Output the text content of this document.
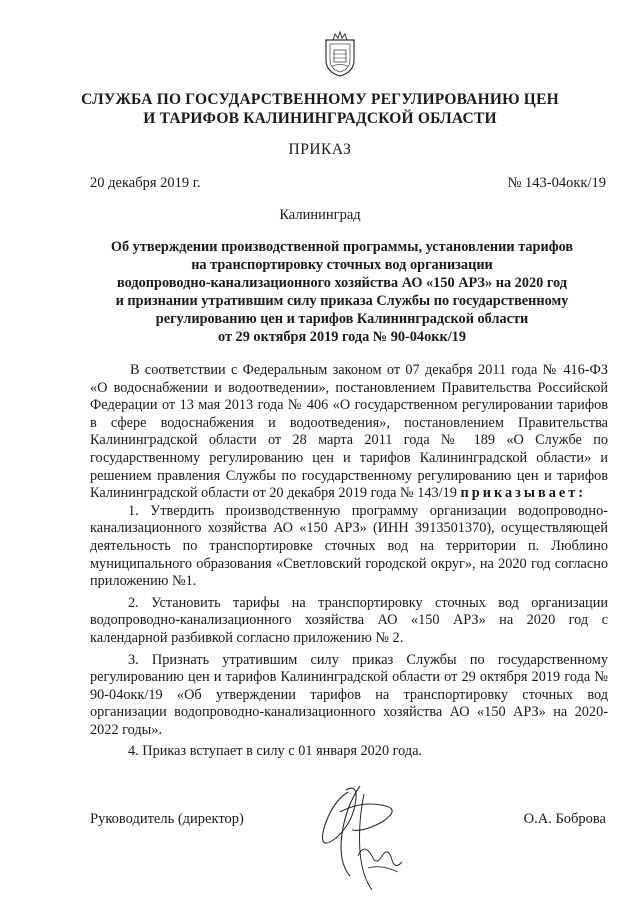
СЛУЖБА ПО ГОСУДАРСТВЕННОМУ РЕГУЛИРОВАНИЮ ЦЕН
И ТАРИФОВ КАЛИНИНГРАДСКОЙ ОБЛАСТИ
ПРИКАЗ
20 декабря 2019 г.	№ 143-04окк/19
Калининград
Об утверждении производственной программы, установлении тарифов
на транспортировку сточных вод организации
водопроводно-канализационного хозяйства АО «150 АРЗ» на 2020 год
и признании утратившим силу приказа Службы по государственному
регулированию цен и тарифов Калининградской области
от 29 октября 2019 года № 90-04окк/19

В соответствии с Федеральным законом от 07 декабря 2011 года № 416-ФЗ «О водоснабжении и водоотведении», постановлением Правительства Российской Федерации от 13 мая 2013 года № 406 «О государственном регулировании тарифов в сфере водоснабжения и водоотведения», постановлением Правительства Калининградской области от 28 марта 2011 года № 189 «О Службе по государственному регулированию цен и тарифов Калининградской области» и решением правления Службы по государственному регулированию цен и тарифов Калининградской области от 20 декабря 2019 года № 143/19 приказывает:

1. Утвердить производственную программу организации водопроводно-канализационного хозяйства АО «150 АРЗ» (ИНН 3913501370), осуществляющей деятельность по транспортировке сточных вод на территории п. Люблино муниципального образования «Светловский городской округ», на 2020 год согласно приложению №1.

2. Установить тарифы на транспортировку сточных вод организации водопроводно-канализационного хозяйства АО «150 АРЗ» на 2020 год с календарной разбивкой согласно приложению № 2.

3. Признать утратившим силу приказ Службы по государственному регулированию цен и тарифов Калининградской области от 29 октября 2019 года № 90-04окк/19 «Об утверждении тарифов на транспортировку сточных вод организации водопроводно-канализационного хозяйства АО «150 АРЗ» на 2020-2022 годы».

4. Приказ вступает в силу с 01 января 2020 года.

Руководитель (директор)	О.А. Боброва
